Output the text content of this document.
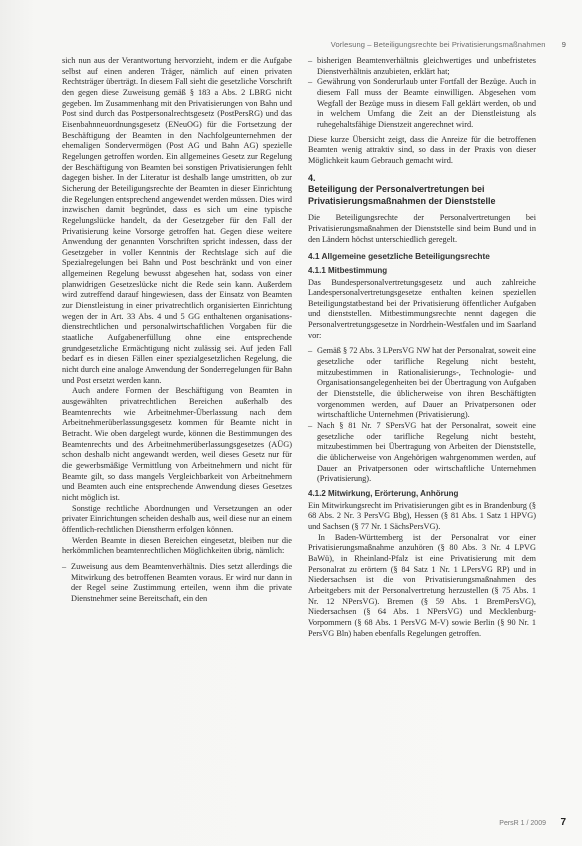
Vorlesung – Beteiligungsrechte bei Privatisierungsmaßnahmen 9

sich nun aus der Verantwortung hervorzieht, indem er die Aufgabe selbst auf einen anderen Träger, nämlich auf einen privaten Rechtsträger überträgt. In diesem Fall sieht die gesetzliche Vorschrift den gegen diese Zuweisung gemäß § 183 a Abs. 2 LBRG nicht gegeben. Im Zusammenhang mit den Privatisierungen von Bahn und Post sind durch das Postpersonalrechtsgesetz (PostPersRG) und das Eisenbahnneuordnungsgesetz (ENeuOG) für die Fortsetzung der Beschäftigung der Beamten in den Nachfolgeunternehmen der ehemaligen Sondervermögen (Post AG und Bahn AG) spezielle Regelungen getroffen worden. Ein allgemeines Gesetz zur Regelung der Beschäftigung von Beamten bei sonstigen Privatisierungen fehlt dagegen bisher. In der Literatur ist deshalb lange umstritten, ob zur Sicherung der Beteiligungsrechte der Beamten in dieser Einrichtung die Regelungen entsprechend angewendet werden müssen. Dies wird inzwischen damit begründet, dass es sich um eine typische Regelungslücke handelt, da der Gesetzgeber für den Fall der Privatisierung keine Vorsorge getroffen hat. Gegen diese weitere Anwendung der genannten Vorschriften spricht indessen, dass der Gesetzgeber in voller Kenntnis der Rechtslage sich auf die Spezialregelungen bei Bahn und Post beschränkt und von einer allgemeinen Regelung bewusst abgesehen hat, sodass von einer planwidrigen Gesetzeslücke nicht die Rede sein kann. Außerdem wird zutreffend darauf hingewiesen, dass der Einsatz von Beamten zur Dienstleistung in einer privatrechtlich organisierten Einrichtung wegen der in Art. 33 Abs. 4 und 5 GG enthaltenen organisations- dienstrechtlichen und personalwirtschaftlichen Vorgaben für die staatliche Aufgabenerfüllung ohne eine entsprechende grundgesetzliche Ermächtigung nicht zulässig sei. Auf jeden Fall bedarf es in diesen Fällen einer spezialgesetzlichen Regelung, die nicht durch eine analoge Anwendung der Sonderregelungen für Bahn und Post ersetzt werden kann.

Auch andere Formen der Beschäftigung von Beamten in ausgewählten privatrechtlichen Bereichen außerhalb des Beamtenrechts wie Arbeitnehmer-Überlassung nach dem Arbeitnehmerüberlassungsgesetz kommen für Beamte nicht in Betracht. Wie oben dargelegt wurde, können die Bestimmungen des Beamtenrechts und des Arbeitnehmerüberlassungsgesetzes (AÜG) schon deshalb nicht angewandt werden, weil dieses Gesetz nur für die gewerbsmäßige Vermittlung von Arbeitnehmern und nicht für Beamte gilt, so dass mangels Vergleichbarkeit von Arbeitnehmern und Beamten auch eine entsprechende Anwendung dieses Gesetzes nicht möglich ist.

Sonstige rechtliche Abordnungen und Versetzungen an oder privater Einrichtungen scheiden deshalb aus, weil diese nur an einem öffentlich-rechtlichen Dienstherrn erfolgen können.

Werden Beamte in diesen Bereichen eingesetzt, bleiben nur die herkömmlichen beamtenrechtlichen Möglichkeiten übrig, nämlich:

– Zuweisung aus dem Beamtenverhältnis. Dies setzt allerdings die Mitwirkung des betroffenen Beamten voraus. Er wird nur dann in der Regel seine Zustimmung erteilen, wenn ihm die private Dienstnehmer seine Bereitschaft, ein den
– bisherigen Beamtenverhältnis gleichwertiges und unbefristetes Dienstverhältnis anzubieten, erklärt hat;
– Gewährung von Sonderurlaub unter Fortfall der Bezüge. Auch in diesem Fall muss der Beamte einwilligen. Abgesehen vom Wegfall der Bezüge muss in diesem Fall geklärt werden, ob und in welchem Umfang die Zeit an der Dienstleistung als ruhegehaltsfähige Dienstzeit angerechnet wird.

Diese kurze Übersicht zeigt, dass die Anreize für die betroffenen Beamten wenig attraktiv sind, so dass in der Praxis von dieser Möglichkeit kaum Gebrauch gemacht wird.

4.
Beteiligung der Personalvertretungen bei Privatisierungsmaßnahmen der Dienststelle

Die Beteiligungsrechte der Personalvertretungen bei Privatisierungsmaßnahmen der Dienststelle sind beim Bund und in den Ländern höchst unterschiedlich geregelt.

4.1 Allgemeine gesetzliche Beteiligungsrechte
4.1.1 Mitbestimmung

Das Bundespersonalvertretungsgesetz und auch zahlreiche Landespersonalvertretungsgesetze enthalten keinen speziellen Beteiligungstatbestand bei der Privatisierung öffentlicher Aufgaben und dienststellen. Mitbestimmungsrechte nennt dagegen die Personalvertretungsgesetze in Nordrhein-Westfalen und im Saarland vor:

– Gemäß § 72 Abs. 3 LPersVG NW hat der Personalrat, soweit eine gesetzliche oder tarifliche Regelung nicht besteht, mitzubestimmen in Rationalisierungs-, Technologie- und Organisationsangelegenheiten bei der Übertragung von Aufgaben der Dienststelle, die üblicherweise von ihren Beschäftigten vorgenommen werden, auf Dauer an Privatpersonen oder wirtschaftliche Unternehmen (Privatisierung).
– Nach § 81 Nr. 7 SPersVG hat der Personalrat, soweit eine gesetzliche oder tarifliche Regelung nicht besteht, mitzubestimmen bei Übertragung von Arbeiten der Dienststelle, die üblicherweise von Angehörigen wahrgenommen werden, auf Dauer an Privatpersonen oder wirtschaftliche Unternehmen (Privatisierung).
4.1.2 Mitwirkung, Erörterung, Anhörung

Ein Mitwirkungsrecht im Privatisierungen gibt es in Brandenburg (§ 68 Abs. 2 Nr. 3 PersVG Bbg), Hessen (§ 81 Abs. 1 Satz 1 HPVG) und Sachsen (§ 77 Nr. 1 SächsPersVG).

In Baden-Württemberg ist der Personalrat vor einer Privatisierungsmaßnahme anzuhören (§ 80 Abs. 3 Nr. 4 LPVG BaWü), in Rheinland-Pfalz ist eine Privatisierung mit dem Personalrat zu erörtern (§ 84 Satz 1 Nr. 1 LPersVG RP) und in Niedersachsen ist die von Privatisierungsmaßnahmen des Arbeitgebers mit der Personalvertretung herzustellen (§ 75 Abs. 1 Nr. 12 NPersVG). Bremen (§ 59 Abs. 1 BremPersVG), Niedersachsen (§ 64 Abs. 1 NPersVG) und Mecklenburg-Vorpommern (§ 68 Abs. 1 PersVG M-V) sowie Berlin (§ 90 Nr. 1 PersVG Bln) haben ebenfalls Regelungen getroffen.

PersR 1 / 2009 7
